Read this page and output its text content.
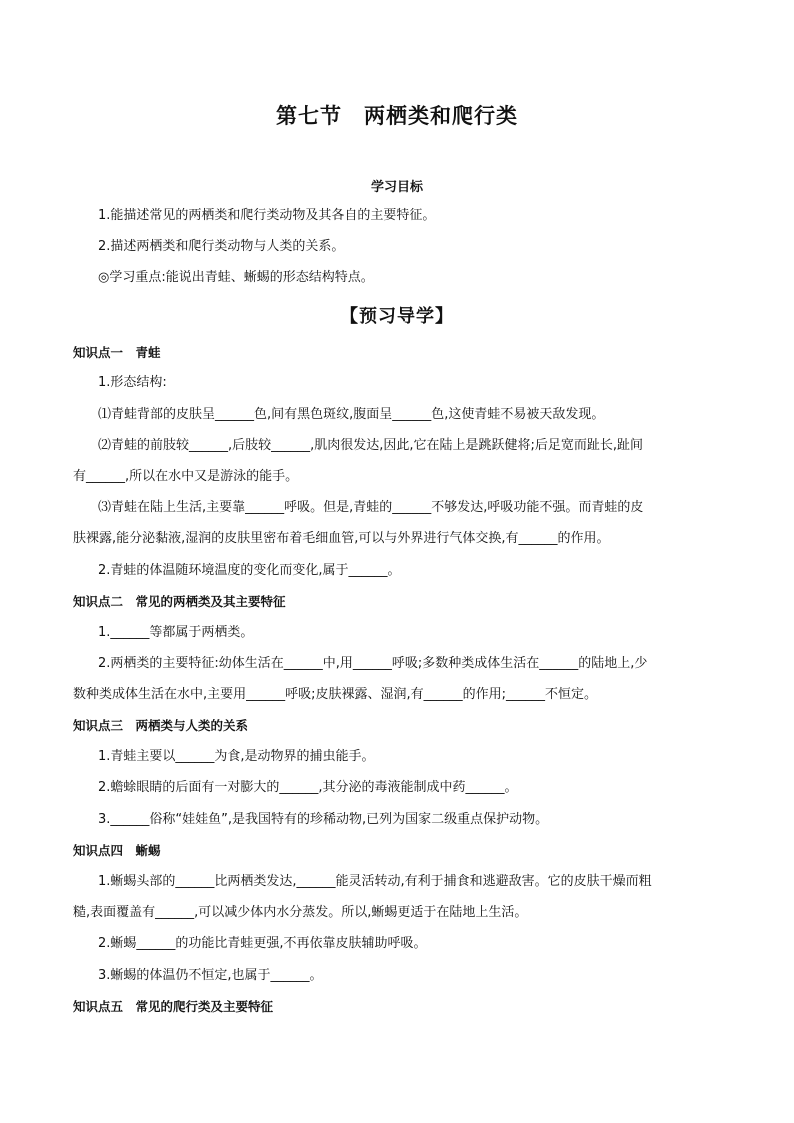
第七节　两栖类和爬行类
学习目标
1.能描述常见的两栖类和爬行类动物及其各自的主要特征。
2.描述两栖类和爬行类动物与人类的关系。
◎学习重点:能说出青蛙、蜥蜴的形态结构特点。
【预习导学】
知识点一　青蛙
1.形态结构:
⑴青蛙背部的皮肤呈______色,间有黑色斑纹,腹面呈______色,这使青蛙不易被天敌发现。
⑵青蛙的前肢较______,后肢较______,肌肉很发达,因此,它在陆上是跳跃健将;后足宽而趾长,趾间
有______,所以在水中又是游泳的能手。
⑶青蛙在陆上生活,主要靠______呼吸。但是,青蛙的______不够发达,呼吸功能不强。而青蛙的皮
肤裸露,能分泌黏液,湿润的皮肤里密布着毛细血管,可以与外界进行气体交换,有______的作用。
2.青蛙的体温随环境温度的变化而变化,属于______。
知识点二　常见的两栖类及其主要特征
1.______等都属于两栖类。
2.两栖类的主要特征:幼体生活在______中,用______呼吸;多数种类成体生活在______的陆地上,少
数种类成体生活在水中,主要用______呼吸;皮肤裸露、湿润,有______的作用;______不恒定。
知识点三　两栖类与人类的关系
1.青蛙主要以______为食,是动物界的捕虫能手。
2.蟾蜍眼睛的后面有一对膨大的______,其分泌的毒液能制成中药______。
3.______俗称“娃娃鱼”,是我国特有的珍稀动物,已列为国家二级重点保护动物。
知识点四　蜥蜴
1.蜥蜴头部的______比两栖类发达,______能灵活转动,有利于捕食和逃避敌害。它的皮肤干燥而粗
糙,表面覆盖有______,可以减少体内水分蒸发。所以,蜥蜴更适于在陆地上生活。
2.蜥蜴______的功能比青蛙更强,不再依靠皮肤辅助呼吸。
3.蜥蜴的体温仍不恒定,也属于______。
知识点五　常见的爬行类及主要特征
